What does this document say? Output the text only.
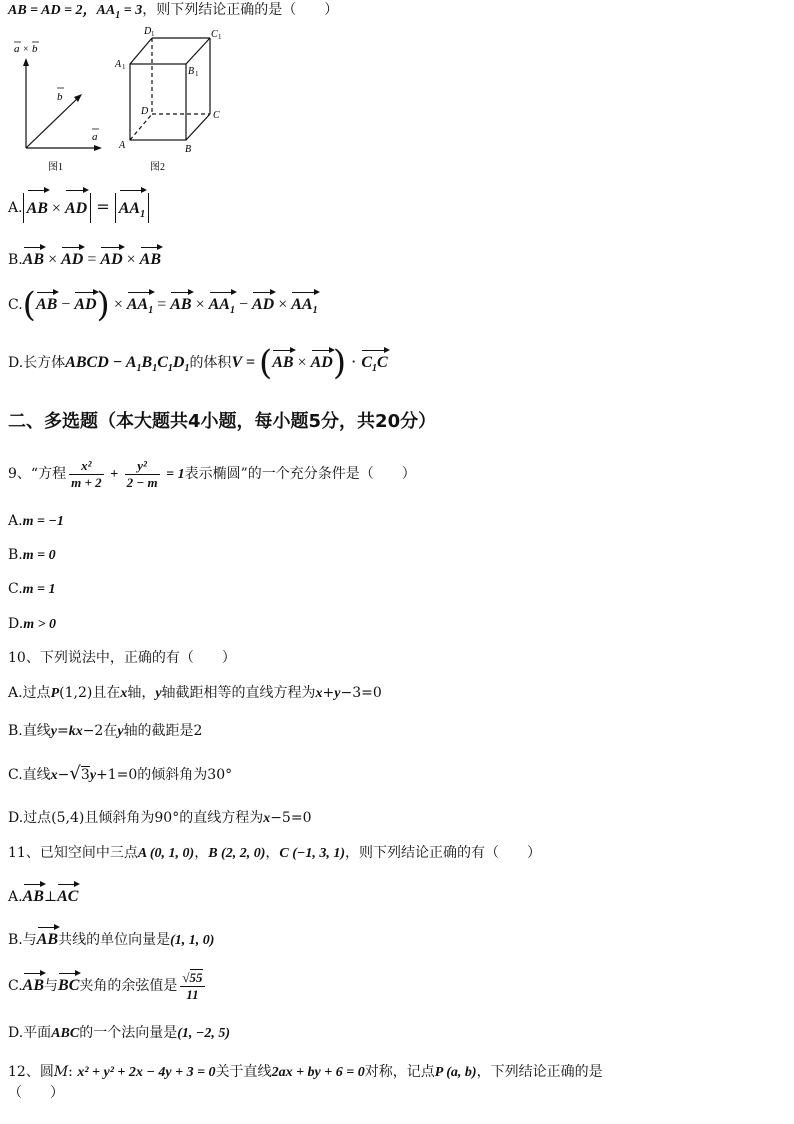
AB = AD = 2，$AA_1 = 3$，则下列结论正确的是（　　）
a × b
b
a
图1
D 1	C 1
A 1	B 1
D	C
A	B
图2
A. AB × AD = $AA_1$
B.AB × AD = AD × AB
$C.(AB - AD) \times AA_1$ = AB × $AA_1$ − AD × $AA_1$
D.长方体ABCD − $A_1B_1C_1D_1$的体积$V = (AB \times AD) \cdot C_1C$
二、多选题（本大题共4小题，每小题5分，共20分）
9、“方程 $\frac{\text{x²}}{m + 2} + \frac{\text{y²}}{2 - m} = 1$表示椭圆”的一个充分条件是（　　）
A.m = −1
B.m = 0
C.m = 1
D.m > 0
10、下列说法中，正确的有（　　）
A.过点P(1,2)且在x轴，y轴截距相等的直线方程为x+y−3=0
B.直线y=kx−2在y轴的截距是2
C.直线x−√3y+1=0的倾斜角为30°
D.过点(5,4)且倾斜角为90°的直线方程为x−5=0
11、已知空间中三点A (0, 1, 0)，B (2, 2, 0)，C (−1, 3, 1)，则下列结论正确的有（　　）
A.AB⊥AC
B.与AB共线的单位向量是(1, 1, 0)
C.AB与BC夹角的余弦值是 $\frac{√55}{11}$
D.平面ABC的一个法向量是(1, −2, 5)
12、圆M: x² + y² + 2x − 4y + 3 = 0关于直线2ax + by + 6 = 0对称，记点P (a, b)，下列结论正确的是
（　　）
